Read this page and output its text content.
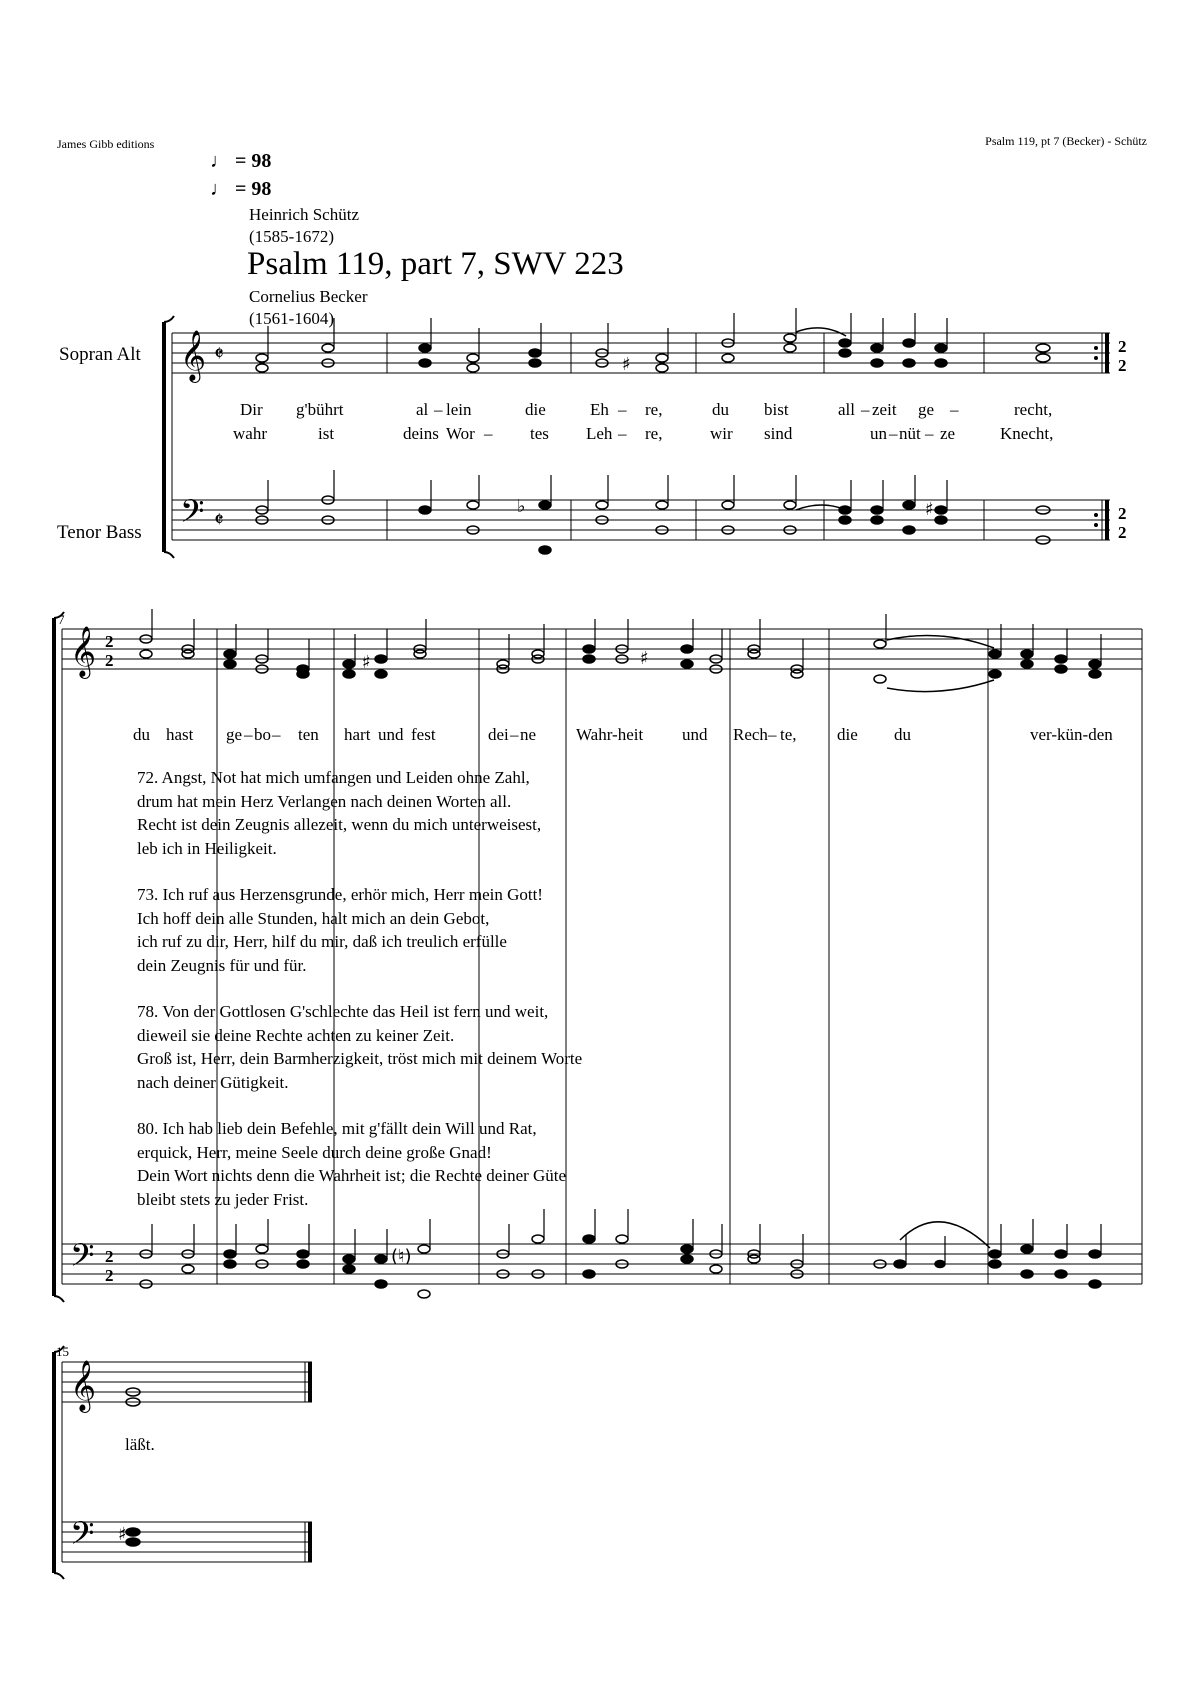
James Gibb editions	Psalm 119, pt 7 (Becker) - Schütz
♩ = 98
♩ = 98
Heinrich Schütz
(1585-1672)
Psalm 119, part 7, SWV 223
Cornelius Becker
(1561-1604)
Sopran Alt
Tenor Bass
7
15
𝄞
𝄢
𝄵
𝄵
2
2
2
2
𝄞
𝄢
2
2
2
2
𝄞
𝄢
♭
♯
♯
♯	♯
(♮)
♯
Dir g'bührt	al – lein	die	Eh – re,	du bist	all – zeit ge –	recht,
wahr	ist	deins Wor – tes Leh – re,	wir sind	un – nüt – ze	Knecht,
du hast ge – bo – ten hart und fest	dei – ne Wahr-heit und Rech – te, die du	ver-kün-den
72. Angst, Not hat mich umfangen und Leiden ohne Zahl,
drum hat mein Herz Verlangen nach deinen Worten all.
Recht ist dein Zeugnis allezeit, wenn du mich unterweisest,
leb ich in Heiligkeit.
73. Ich ruf aus Herzensgrunde, erhör mich, Herr mein Gott!
Ich hoff dein alle Stunden, halt mich an dein Gebot,
ich ruf zu dir, Herr, hilf du mir, daß ich treulich erfülle
dein Zeugnis für und für.
78. Von der Gottlosen G'schlechte das Heil ist fern und weit,
dieweil sie deine Rechte achten zu keiner Zeit.
Groß ist, Herr, dein Barmherzigkeit, tröst mich mit deinem Worte
nach deiner Gütigkeit.
80. Ich hab lieb dein Befehle, mit g'fällt dein Will und Rat,
erquick, Herr, meine Seele durch deine große Gnad!
Dein Wort nichts denn die Wahrheit ist; die Rechte deiner Güte
bleibt stets zu jeder Frist.
läßt.
